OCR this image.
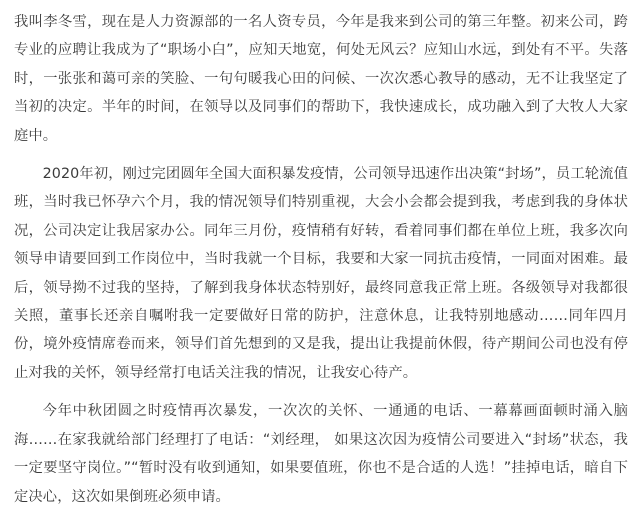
我叫李冬雪，现在是人力资源部的一名人资专员，今年是我来到公司的第三年整。初来公司，跨专业的应聘让我成为了“职场小白”，应知天地宽，何处无风云？应知山水远，到处有不平。失落时，一张张和蔼可亲的笑脸、一句句暖我心田的问候、一次次悉心教导的感动，无不让我坚定了当初的决定。半年的时间，在领导以及同事们的帮助下，我快速成长，成功融入到了大牧人大家庭中。

2020年初，刚过完团圆年全国大面积暴发疫情，公司领导迅速作出决策“封场”，员工轮流值班，当时我已怀孕六个月，我的情况领导们特别重视，大会小会都会提到我，考虑到我的身体状况，公司决定让我居家办公。同年三月份，疫情稍有好转，看着同事们都在单位上班，我多次向领导申请要回到工作岗位中，当时我就一个目标，我要和大家一同抗击疫情，一同面对困难。最后，领导拗不过我的坚持，了解到我身体状态特别好，最终同意我正常上班。各级领导对我都很关照，董事长还亲自嘱咐我一定要做好日常的防护，注意休息，让我特别地感动……同年四月份，境外疫情席卷而来，领导们首先想到的又是我，提出让我提前休假，待产期间公司也没有停止对我的关怀，领导经常打电话关注我的情况，让我安心待产。

今年中秋团圆之时疫情再次暴发，一次次的关怀、一通通的电话、一幕幕画面顿时涌入脑海……在家我就给部门经理打了电话：“刘经理， 如果这次因为疫情公司要进入“封场”状态，我一定要坚守岗位。”“暂时没有收到通知，如果要值班，你也不是合适的人选！”挂掉电话，暗自下定决心，这次如果倒班必须申请。
